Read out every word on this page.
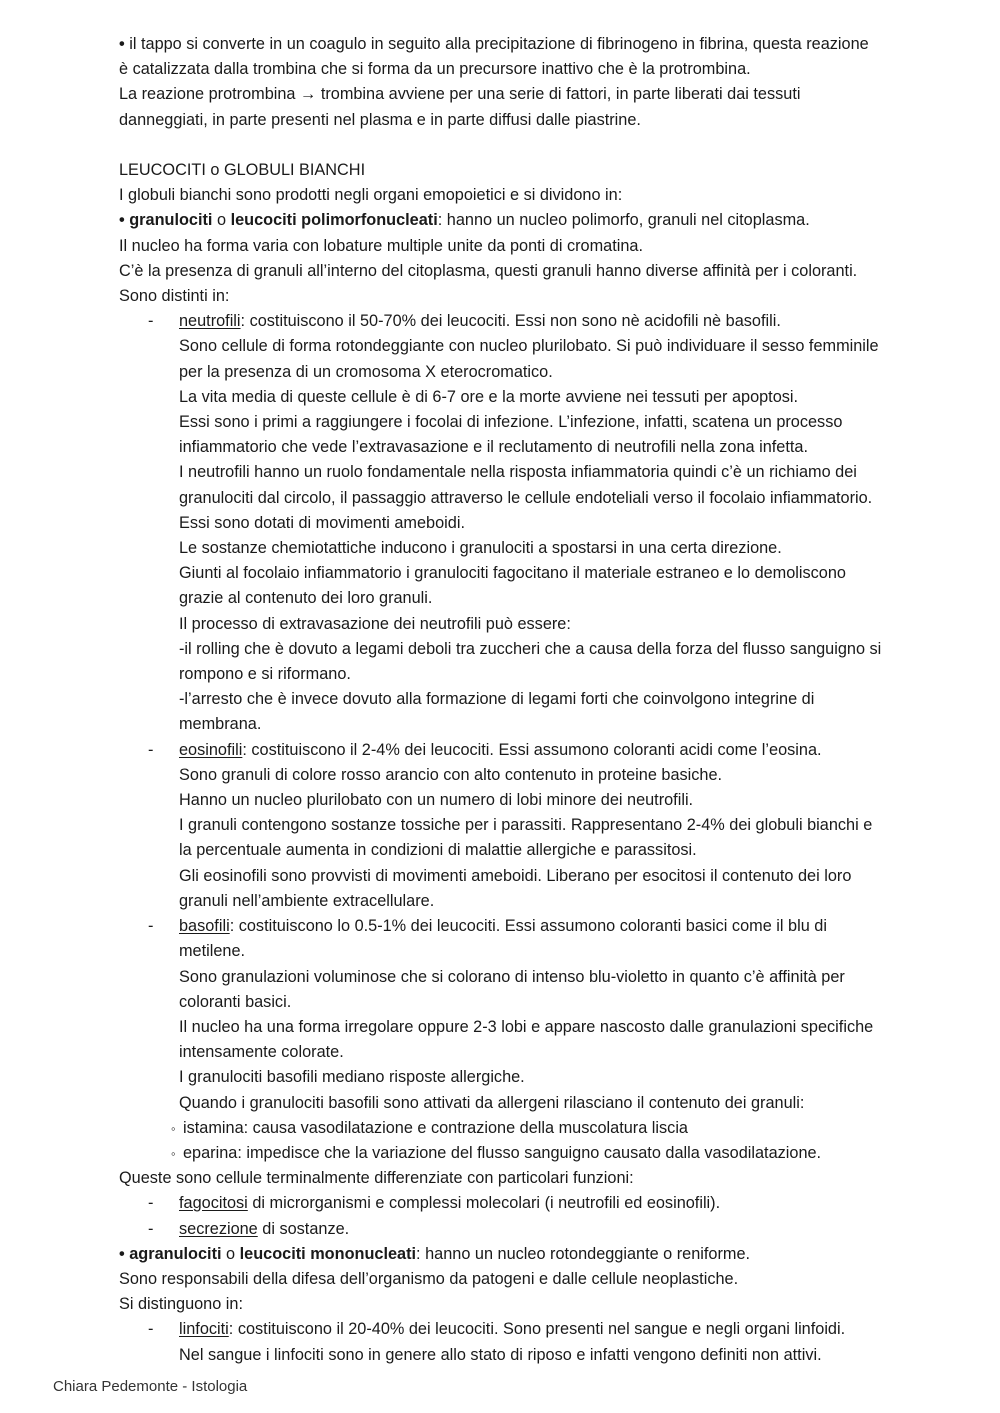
• il tappo si converte in un coagulo in seguito alla precipitazione di fibrinogeno in fibrina, questa reazione
è catalizzata dalla trombina che si forma da un precursore inattivo che è la protrombina.
La reazione protrombina → trombina avviene per una serie di fattori, in parte liberati dai tessuti
danneggiati, in parte presenti nel plasma e in parte diffusi dalle piastrine.
LEUCOCITI o GLOBULI BIANCHI
I globuli bianchi sono prodotti negli organi emopoietici e si dividono in:
• granulociti o leucociti polimorfonucleati: hanno un nucleo polimorfo, granuli nel citoplasma.
Il nucleo ha forma varia con lobature multiple unite da ponti di cromatina.
C’è la presenza di granuli all’interno del citoplasma, questi granuli hanno diverse affinità per i coloranti.
Sono distinti in:
- neutrofili: costituiscono il 50-70% dei leucociti. Essi non sono nè acidofili nè basofili.
Sono cellule di forma rotondeggiante con nucleo plurilobato. Si può individuare il sesso femminile
per la presenza di un cromosoma X eterocromatico.
La vita media di queste cellule è di 6-7 ore e la morte avviene nei tessuti per apoptosi.
Essi sono i primi a raggiungere i focolai di infezione. L’infezione, infatti, scatena un processo
infiammatorio che vede l’extravasazione e il reclutamento di neutrofili nella zona infetta.
I neutrofili hanno un ruolo fondamentale nella risposta infiammatoria quindi c’è un richiamo dei
granulociti dal circolo, il passaggio attraverso le cellule endoteliali verso il focolaio infiammatorio.
Essi sono dotati di movimenti ameboidi.
Le sostanze chemiotattiche inducono i granulociti a spostarsi in una certa direzione.
Giunti al focolaio infiammatorio i granulociti fagocitano il materiale estraneo e lo demoliscono
grazie al contenuto dei loro granuli.
Il processo di extravasazione dei neutrofili può essere:
-il rolling che è dovuto a legami deboli tra zuccheri che a causa della forza del flusso sanguigno si
rompono e si riformano.
-l’arresto che è invece dovuto alla formazione di legami forti che coinvolgono integrine di
membrana.
- eosinofili: costituiscono il 2-4% dei leucociti. Essi assumono coloranti acidi come l’eosina.
Sono granuli di colore rosso arancio con alto contenuto in proteine basiche.
Hanno un nucleo plurilobato con un numero di lobi minore dei neutrofili.
I granuli contengono sostanze tossiche per i parassiti. Rappresentano 2-4% dei globuli bianchi e
la percentuale aumenta in condizioni di malattie allergiche e parassitosi.
Gli eosinofili sono provvisti di movimenti ameboidi. Liberano per esocitosi il contenuto dei loro
granuli nell’ambiente extracellulare.
- basofili: costituiscono lo 0.5-1% dei leucociti. Essi assumono coloranti basici come il blu di
metilene.
Sono granulazioni voluminose che si colorano di intenso blu-violetto in quanto c’è affinità per
coloranti basici.
Il nucleo ha una forma irregolare oppure 2-3 lobi e appare nascosto dalle granulazioni specifiche
intensamente colorate.
I granulociti basofili mediano risposte allergiche.
Quando i granulociti basofili sono attivati da allergeni rilasciano il contenuto dei granuli:
◦ istamina: causa vasodilatazione e contrazione della muscolatura liscia
◦ eparina: impedisce che la variazione del flusso sanguigno causato dalla vasodilatazione.
Queste sono cellule terminalmente differenziate con particolari funzioni:
- fagocitosi di microrganismi e complessi molecolari (i neutrofili ed eosinofili).
- secrezione di sostanze.
• agranulociti o leucociti mononucleati: hanno un nucleo rotondeggiante o reniforme.
Sono responsabili della difesa dell’organismo da patogeni e dalle cellule neoplastiche.
Si distinguono in:
- linfociti: costituiscono il 20-40% dei leucociti. Sono presenti nel sangue e negli organi linfoidi.
Nel sangue i linfociti sono in genere allo stato di riposo e infatti vengono definiti non attivi.
Chiara Pedemonte - Istologia
